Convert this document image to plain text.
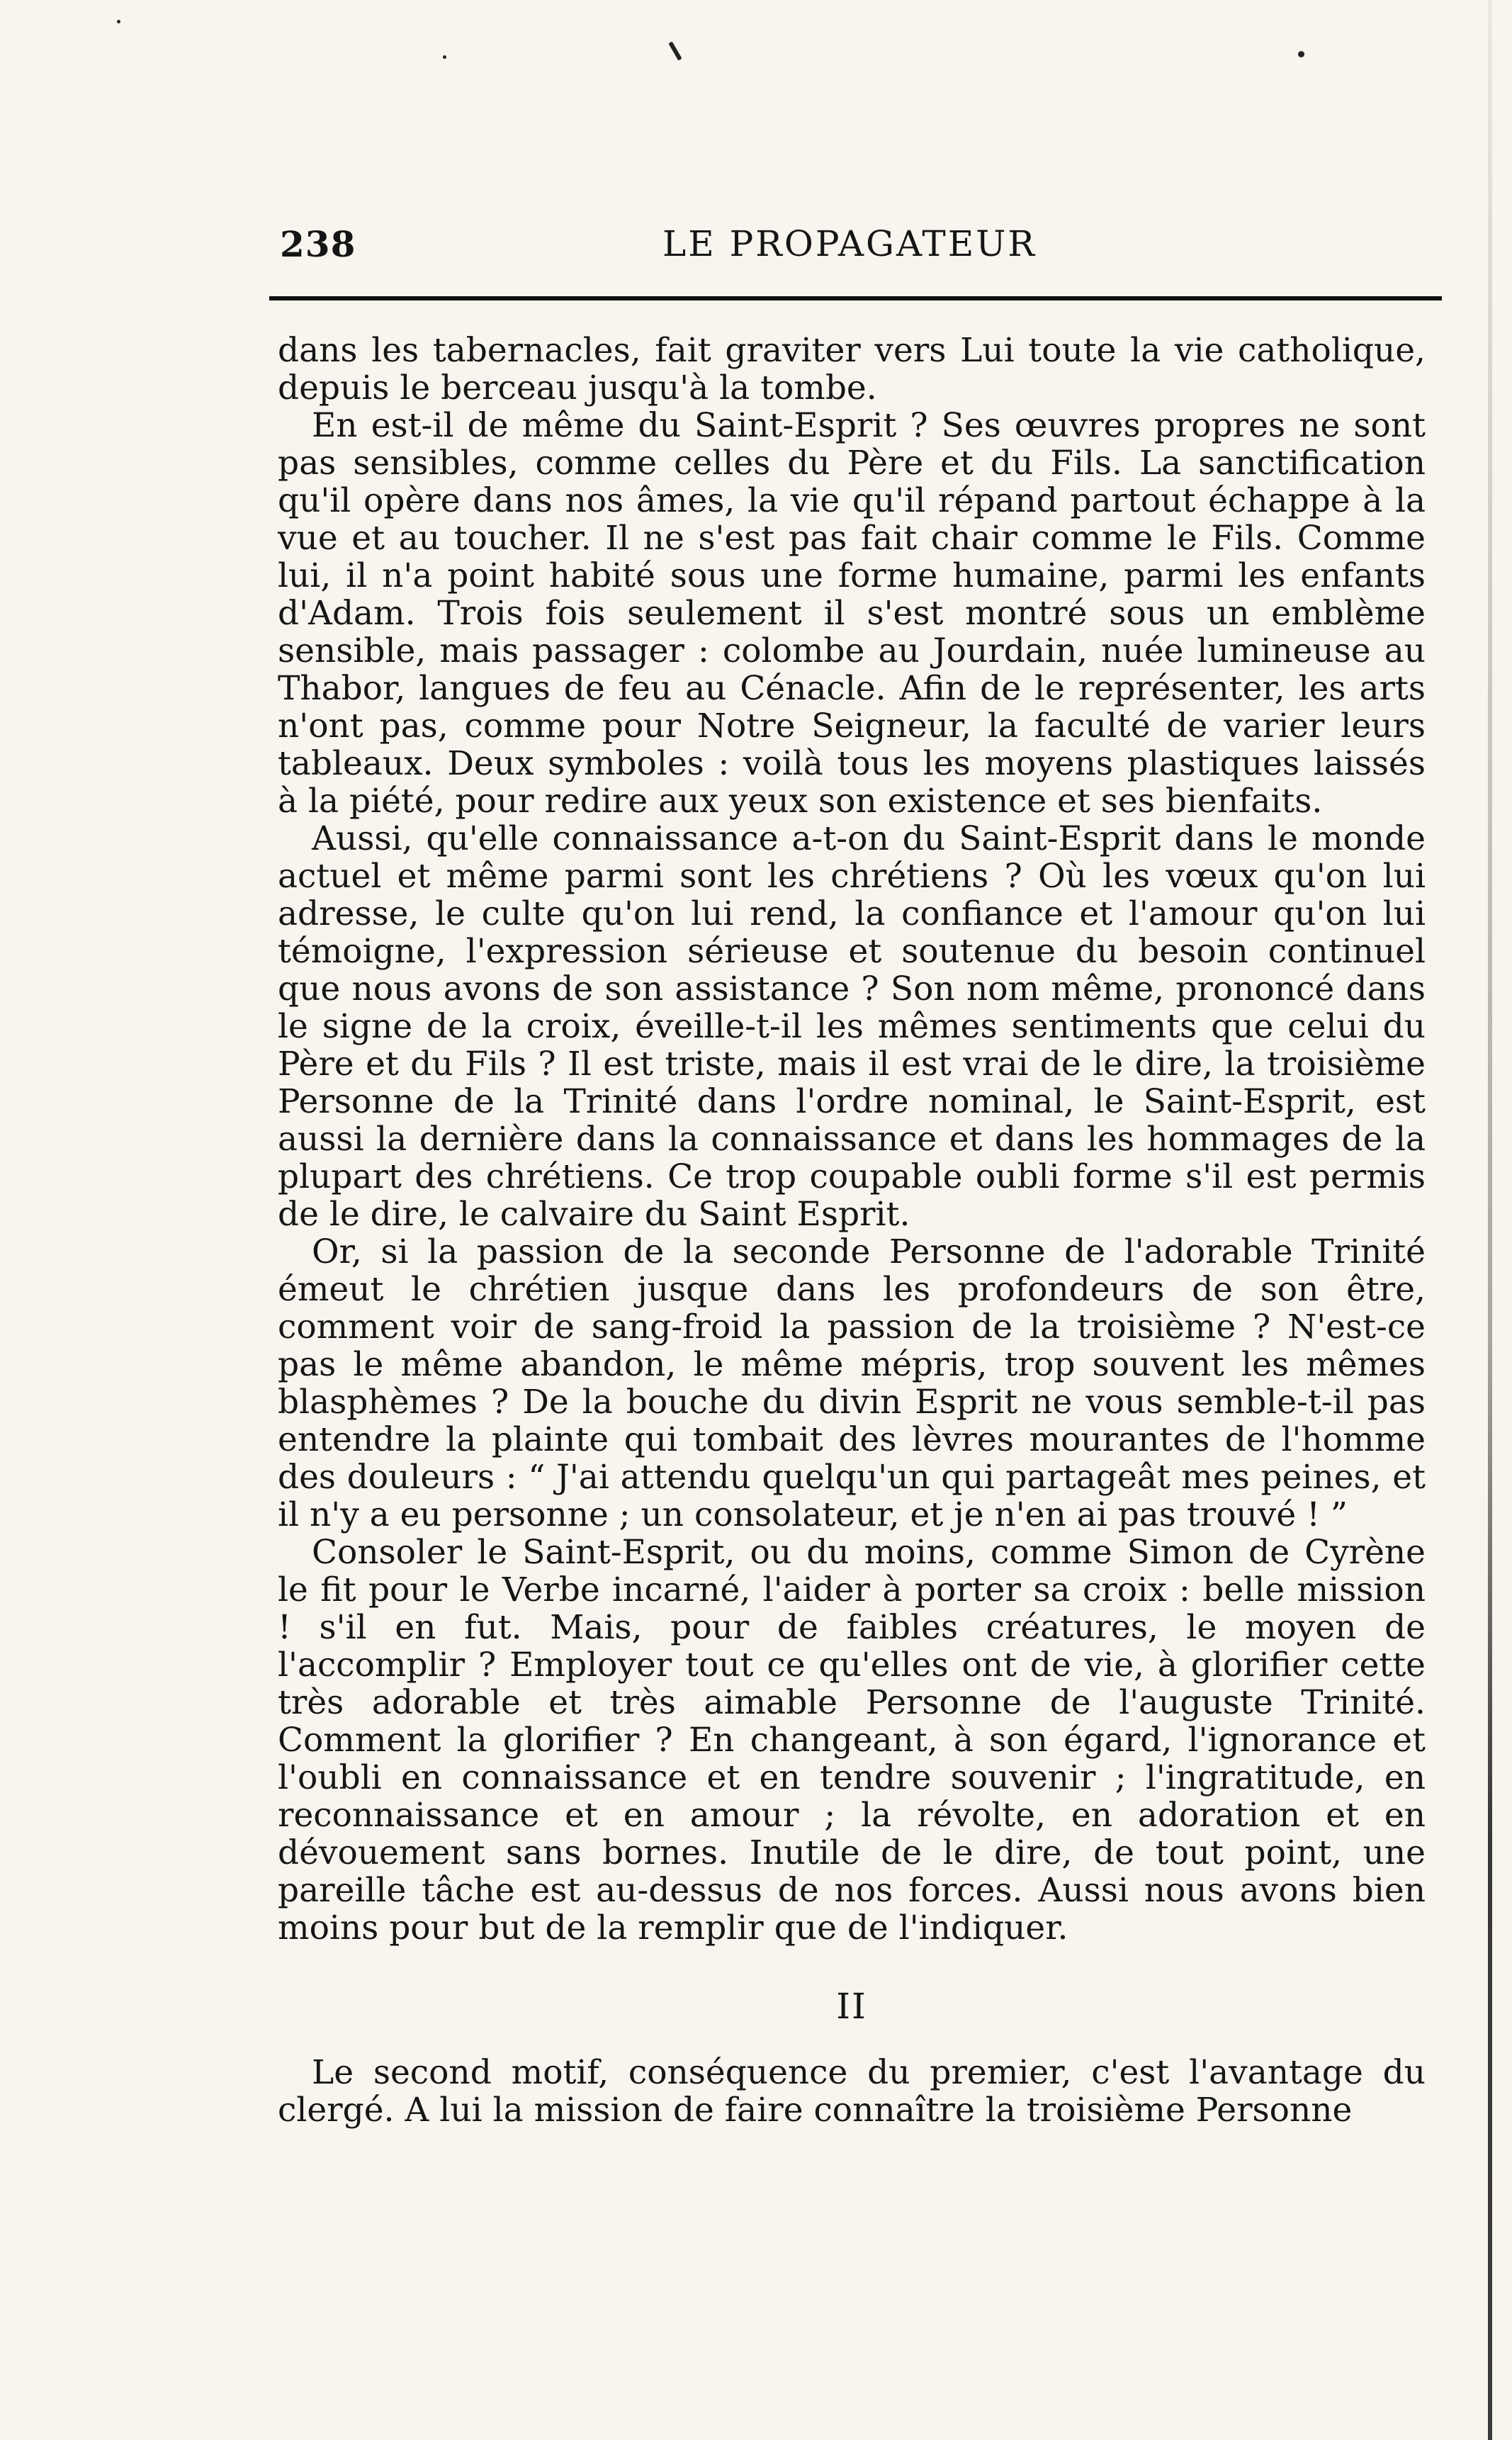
238	LE PROPAGATEUR

dans les tabernacles, fait graviter vers Lui toute la vie catholique, depuis le berceau jusqu'à la tombe.

En est-il de même du Saint-Esprit ? Ses œuvres propres ne sont pas sensibles, comme celles du Père et du Fils. La sanctification qu'il opère dans nos âmes, la vie qu'il répand partout échappe à la vue et au toucher. Il ne s'est pas fait chair comme le Fils. Comme lui, il n'a point habité sous une forme humaine, parmi les enfants d'Adam. Trois fois seulement il s'est montré sous un emblème sensible, mais passager : colombe au Jourdain, nuée lumineuse au Thabor, langues de feu au Cénacle. Afin de le représenter, les arts n'ont pas, comme pour Notre Seigneur, la faculté de varier leurs tableaux. Deux symboles : voilà tous les moyens plastiques laissés à la piété, pour redire aux yeux son existence et ses bienfaits.

Aussi, qu'elle connaissance a-t-on du Saint-Esprit dans le monde actuel et même parmi sont les chrétiens ? Où les vœux qu'on lui adresse, le culte qu'on lui rend, la confiance et l'amour qu'on lui témoigne, l'expression sérieuse et soutenue du besoin continuel que nous avons de son assistance ? Son nom même, prononcé dans le signe de la croix, éveille-t-il les mêmes sentiments que celui du Père et du Fils ? Il est triste, mais il est vrai de le dire, la troisième Personne de la Trinité dans l'ordre nominal, le Saint-Esprit, est aussi la dernière dans la connaissance et dans les hommages de la plupart des chrétiens. Ce trop coupable oubli forme s'il est permis de le dire, le calvaire du Saint Esprit.

Or, si la passion de la seconde Personne de l'adorable Trinité émeut le chrétien jusque dans les profondeurs de son être, comment voir de sang-froid la passion de la troisième ? N'est-ce pas le même abandon, le même mépris, trop souvent les mêmes blasphèmes ? De la bouche du divin Esprit ne vous semble-t-il pas entendre la plainte qui tombait des lèvres mourantes de l'homme des douleurs : “ J'ai attendu quelqu'un qui partageât mes peines, et il n'y a eu personne ; un consolateur, et je n'en ai pas trouvé ! ”

Consoler le Saint-Esprit, ou du moins, comme Simon de Cyrène le fit pour le Verbe incarné, l'aider à porter sa croix : belle mission ! s'il en fut. Mais, pour de faibles créatures, le moyen de l'accomplir ? Employer tout ce qu'elles ont de vie, à glorifier cette très adorable et très aimable Personne de l'auguste Trinité. Comment la glorifier ? En changeant, à son égard, l'ignorance et l'oubli en connaissance et en tendre souvenir ; l'ingratitude, en reconnaissance et en amour ; la révolte, en adoration et en dévouement sans bornes. Inutile de le dire, de tout point, une pareille tâche est au-dessus de nos forces. Aussi nous avons bien moins pour but de la remplir que de l'indiquer.

II

Le second motif, conséquence du premier, c'est l'avantage du clergé. A lui la mission de faire connaître la troisième Personne
